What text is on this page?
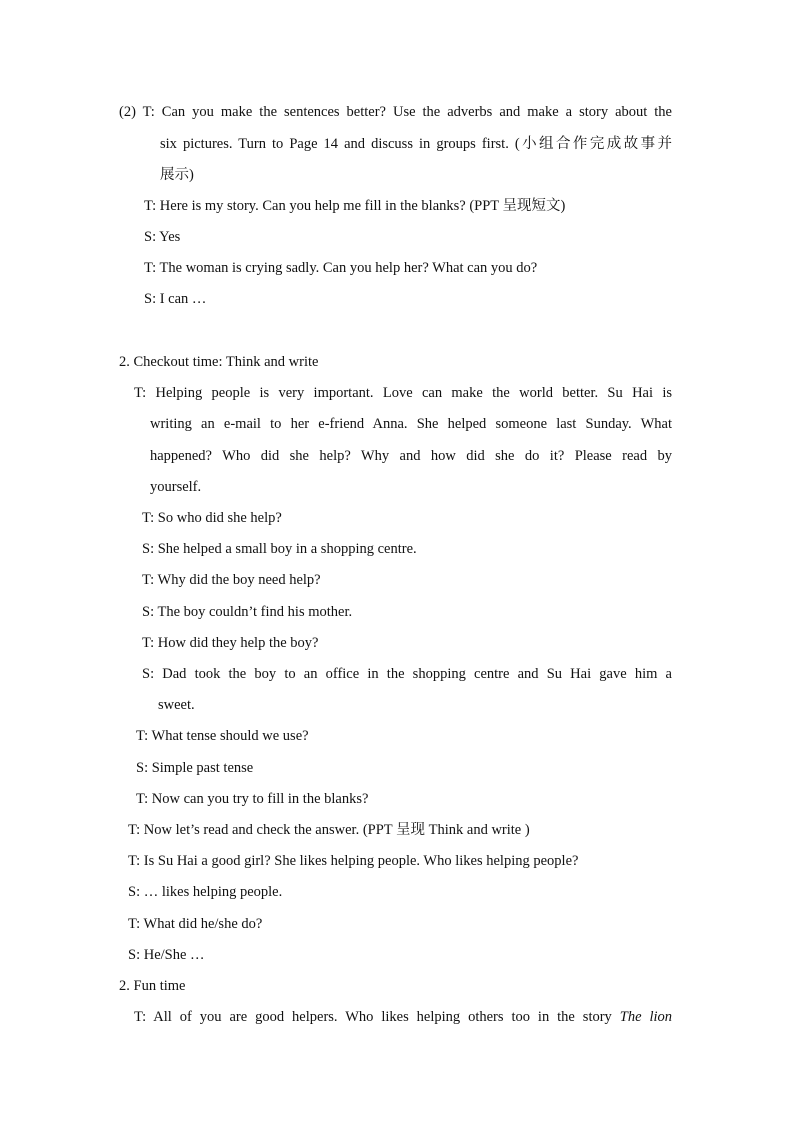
(2) T: Can you make the sentences better? Use the adverbs and make a story about the
six pictures. Turn to Page 14 and discuss in groups first. (小组合作完成故事并
展示)
T: Here is my story. Can you help me fill in the blanks? (PPT 呈现短文)
S: Yes
T: The woman is crying sadly. Can you help her? What can you do?
S: I can …
2. Checkout time: Think and write
T: Helping people is very important. Love can make the world better. Su Hai is
writing an e-mail to her e-friend Anna. She helped someone last Sunday. What
happened? Who did she help? Why and how did she do it? Please read by
yourself.
T: So who did she help?
S: She helped a small boy in a shopping centre.
T: Why did the boy need help?
S: The boy couldn’t find his mother.
T: How did they help the boy?
S: Dad took the boy to an office in the shopping centre and Su Hai gave him a
sweet.
T: What tense should we use?
S: Simple past tense
T: Now can you try to fill in the blanks?
T: Now let’s read and check the answer. (PPT 呈现 Think and write )
T: Is Su Hai a good girl? She likes helping people. Who likes helping people?
S: … likes helping people.
T: What did he/she do?
S: He/She …
2. Fun time
T: All of you are good helpers. Who likes helping others too in the story The lion
